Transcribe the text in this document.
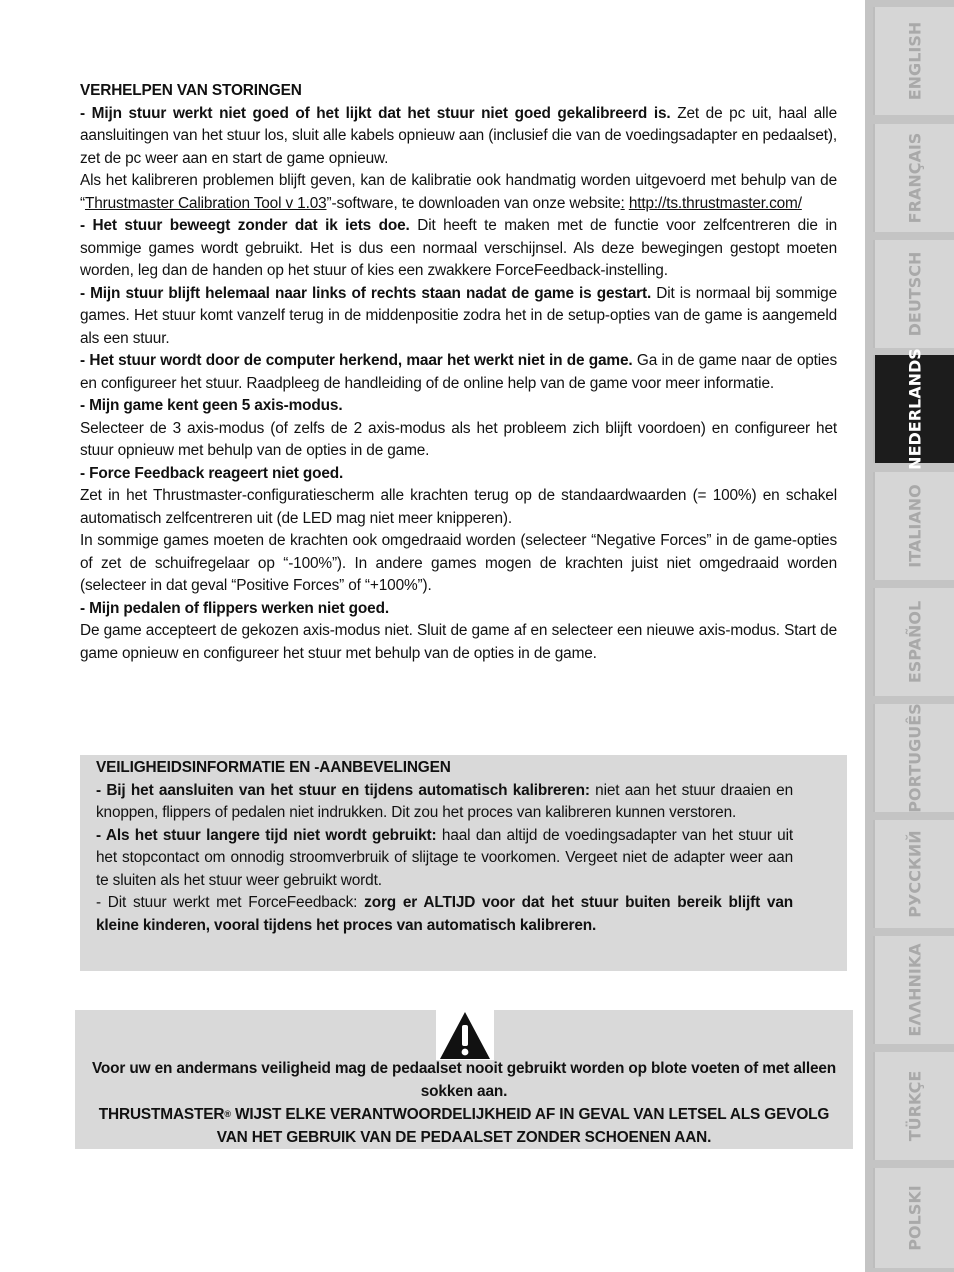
VERHELPEN VAN STORINGEN

- Mijn stuur werkt niet goed of het lijkt dat het stuur niet goed gekalibreerd is. Zet de pc uit, haal alle aansluitingen van het stuur los, sluit alle kabels opnieuw aan (inclusief die van de voedingsadapter en pedaalset), zet de pc weer aan en start de game opnieuw.

Als het kalibreren problemen blijft geven, kan de kalibratie ook handmatig worden uitgevoerd met behulp van de “Thrustmaster Calibration Tool v 1.03”-software, te downloaden van onze website: http://ts.thrustmaster.com/

- Het stuur beweegt zonder dat ik iets doe. Dit heeft te maken met de functie voor zelfcentreren die in sommige games wordt gebruikt. Het is dus een normaal verschijnsel. Als deze bewegingen gestopt moeten worden, leg dan de handen op het stuur of kies een zwakkere ForceFeedback-instelling.

- Mijn stuur blijft helemaal naar links of rechts staan nadat de game is gestart. Dit is normaal bij sommige games. Het stuur komt vanzelf terug in de middenpositie zodra het in de setup-opties van de game is aangemeld als een stuur.

- Het stuur wordt door de computer herkend, maar het werkt niet in de game. Ga in de game naar de opties en configureer het stuur. Raadpleeg de handleiding of de online help van de game voor meer informatie.

- Mijn game kent geen 5 axis-modus.

Selecteer de 3 axis-modus (of zelfs de 2 axis-modus als het probleem zich blijft voordoen) en configureer het stuur opnieuw met behulp van de opties in de game.

- Force Feedback reageert niet goed.

Zet in het Thrustmaster-configuratiescherm alle krachten terug op de standaardwaarden (= 100%) en schakel automatisch zelfcentreren uit (de LED mag niet meer knipperen).

In sommige games moeten de krachten ook omgedraaid worden (selecteer “Negative Forces” in de game-opties of zet de schuifregelaar op “-100%”). In andere games mogen de krachten juist niet omgedraaid worden (selecteer in dat geval “Positive Forces” of “+100%”).

- Mijn pedalen of flippers werken niet goed.

De game accepteert de gekozen axis-modus niet. Sluit de game af en selecteer een nieuwe axis-modus. Start de game opnieuw en configureer het stuur met behulp van de opties in de game.

VEILIGHEIDSINFORMATIE EN -AANBEVELINGEN

- Bij het aansluiten van het stuur en tijdens automatisch kalibreren: niet aan het stuur draaien en knoppen, flippers of pedalen niet indrukken. Dit zou het proces van kalibreren kunnen verstoren.

- Als het stuur langere tijd niet wordt gebruikt: haal dan altijd de voedingsadapter van het stuur uit het stopcontact om onnodig stroomverbruik of slijtage te voorkomen. Vergeet niet de adapter weer aan te sluiten als het stuur weer gebruikt wordt.

- Dit stuur werkt met ForceFeedback: zorg er ALTIJD voor dat het stuur buiten bereik blijft van kleine kinderen, vooral tijdens het proces van automatisch kalibreren.

Voor uw en andermans veiligheid mag de pedaalset nooit gebruikt worden op blote voeten of met alleen sokken aan.

THRUSTMASTER® WIJST ELKE VERANTWOORDELIJKHEID AF IN GEVAL VAN LETSEL ALS GEVOLG VAN HET GEBRUIK VAN DE PEDAALSET ZONDER SCHOENEN AAN.

ENGLISH
FRANÇAIS
DEUTSCH
NEDERLANDS
ITALIANO
ESPAÑOL
PORTUGUÊS
РУССКИЙ
ΕΛΛΗΝΙΚΑ
TÜRKÇE
POLSKI
